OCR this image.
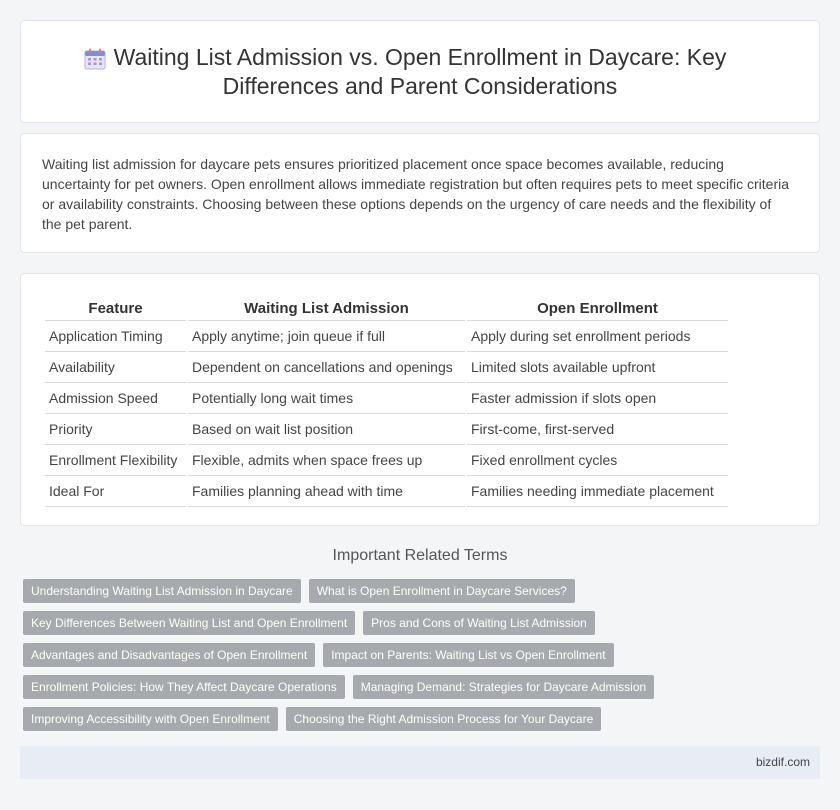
Waiting List Admission vs. Open Enrollment in Daycare: Key
Differences and Parent Considerations

Waiting list admission for daycare pets ensures prioritized placement once space becomes available, reducing uncertainty for pet owners. Open enrollment allows immediate registration but often requires pets to meet specific criteria or availability constraints. Choosing between these options depends on the urgency of care needs and the flexibility of the pet parent.

Feature	Waiting List Admission	Open Enrollment
Application Timing	Apply anytime; join queue if full	Apply during set enrollment periods
Availability	Dependent on cancellations and openings	Limited slots available upfront
Admission Speed	Potentially long wait times	Faster admission if slots open
Priority	Based on wait list position	First-come, first-served
Enrollment Flexibility	Flexible, admits when space frees up	Fixed enrollment cycles
Ideal For	Families planning ahead with time	Families needing immediate placement
Important Related Terms
Understanding Waiting List Admission in Daycare	What is Open Enrollment in Daycare Services?
Key Differences Between Waiting List and Open Enrollment	Pros and Cons of Waiting List Admission
Advantages and Disadvantages of Open Enrollment	Impact on Parents: Waiting List vs Open Enrollment
Enrollment Policies: How They Affect Daycare Operations	Managing Demand: Strategies for Daycare Admission
Improving Accessibility with Open Enrollment	Choosing the Right Admission Process for Your Daycare
bizdif.com
